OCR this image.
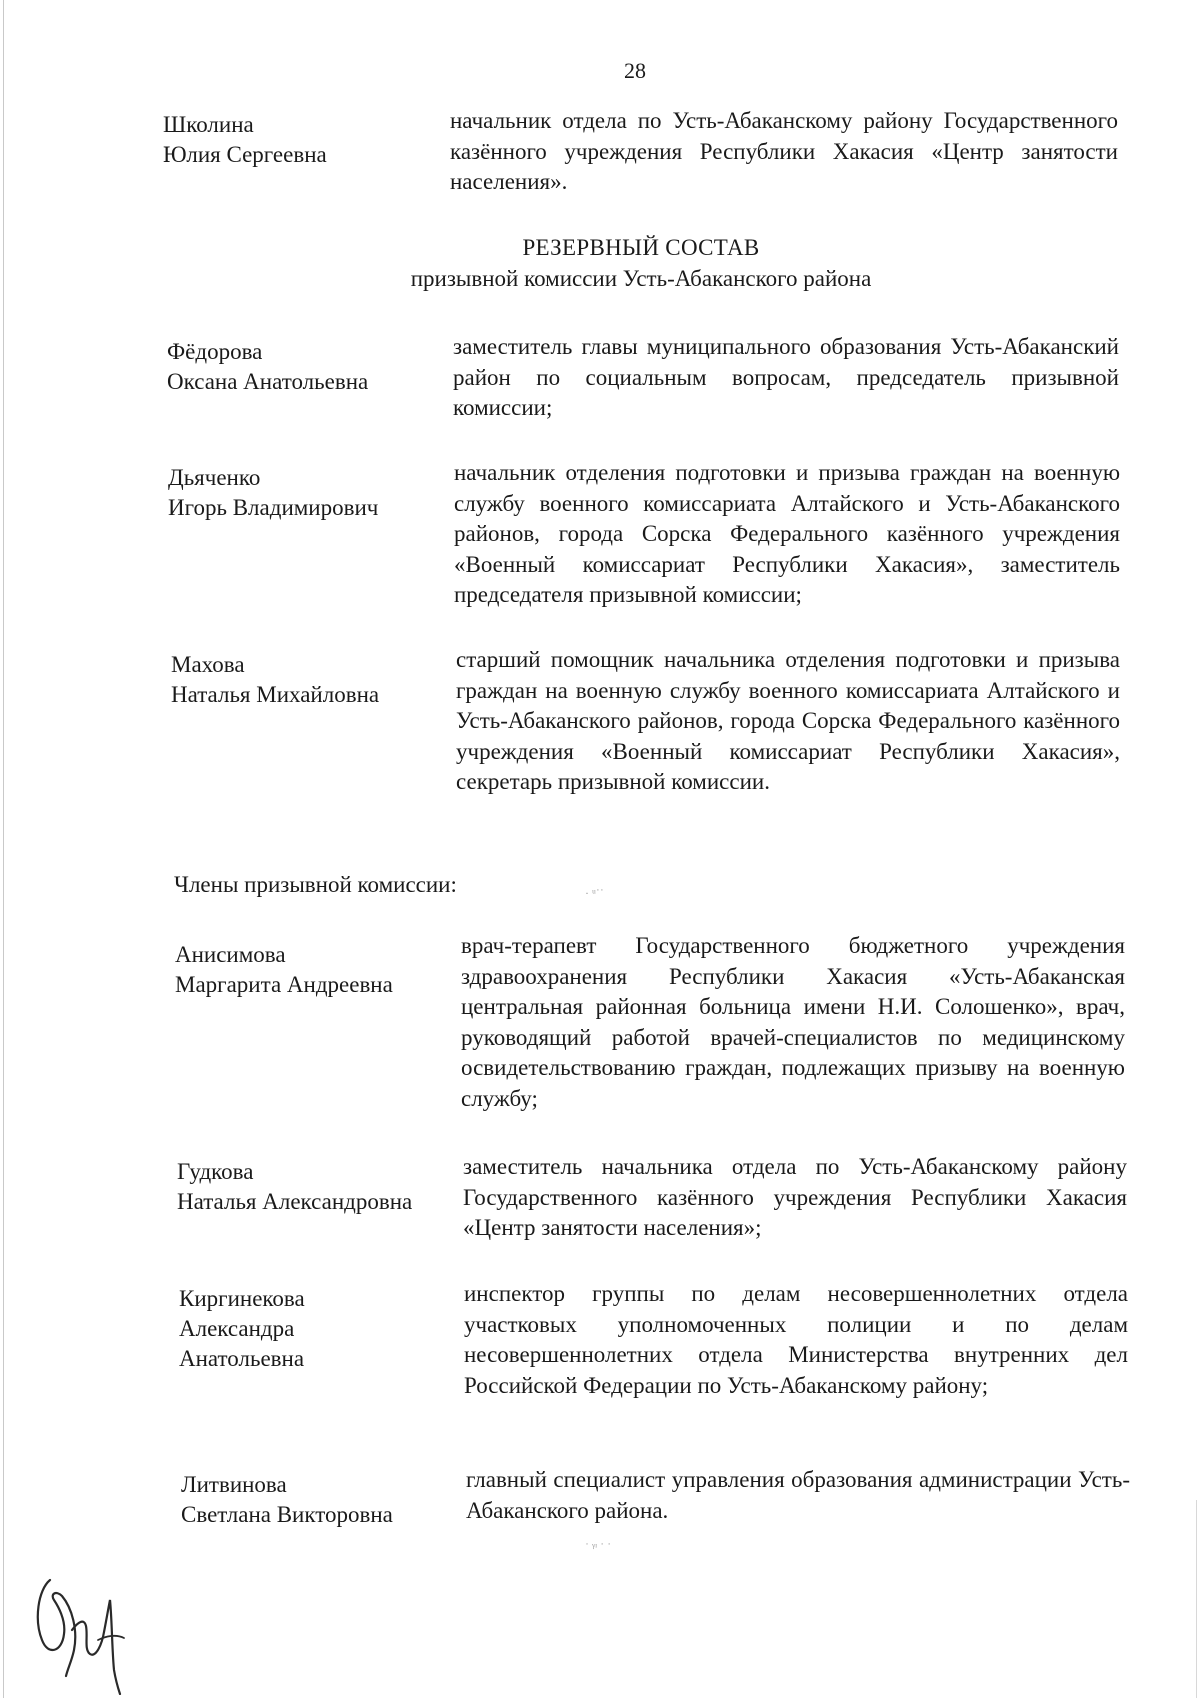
28
Школина
Юлия Сергеевна
начальник отдела по Усть-Абаканскому району Государственного казённого учреждения Республики Хакасия «Центр занятости населения».
РЕЗЕРВНЫЙ СОСТАВ
призывной комиссии Усть-Абаканского района
Фёдорова
Оксана Анатольевна
заместитель главы муниципального образования Усть-Абаканский район по социальным вопросам, председатель призывной комиссии;
Дьяченко
Игорь Владимирович
начальник отделения подготовки и призыва граждан на военную службу военного комиссариата Алтайского и Усть-Абаканского районов, города Сорска Федерального казённого учреждения «Военный комиссариат Республики Хакасия», заместитель председателя призывной комиссии;
Махова
Наталья Михайловна
старший помощник начальника отделения подготовки и призыва граждан на военную службу военного комиссариата Алтайского и Усть-Абаканского районов, города Сорска Федерального казённого учреждения «Военный комиссариат Республики Хакасия», секретарь призывной комиссии.
Члены призывной комиссии:	· ᵘ˙˙
Анисимова
Маргарита Андреевна
врач-терапевт Государственного бюджетного учреждения здравоохранения Республики Хакасия «Усть-Абаканская центральная районная больница имени Н.И. Солошенко», врач, руководящий работой врачей-специалистов по медицинскому освидетельствованию граждан, подлежащих призыву на военную службу;
Гудкова
Наталья Александровна
заместитель начальника отдела по Усть-Абаканскому району Государственного казённого учреждения Республики Хакасия «Центр занятости населения»;
Киргинекова
Александра
Анатольевна
инспектор группы по делам несовершеннолетних отдела участковых уполномоченных полиции и по делам несовершеннолетних отдела Министерства внутренних дел Российской Федерации по Усть-Абаканскому району;
Литвинова
Светлана Викторовна
главный специалист управления образования администрации Усть-Абаканского района.
˙ ᵞᶦ ˙ ˙
